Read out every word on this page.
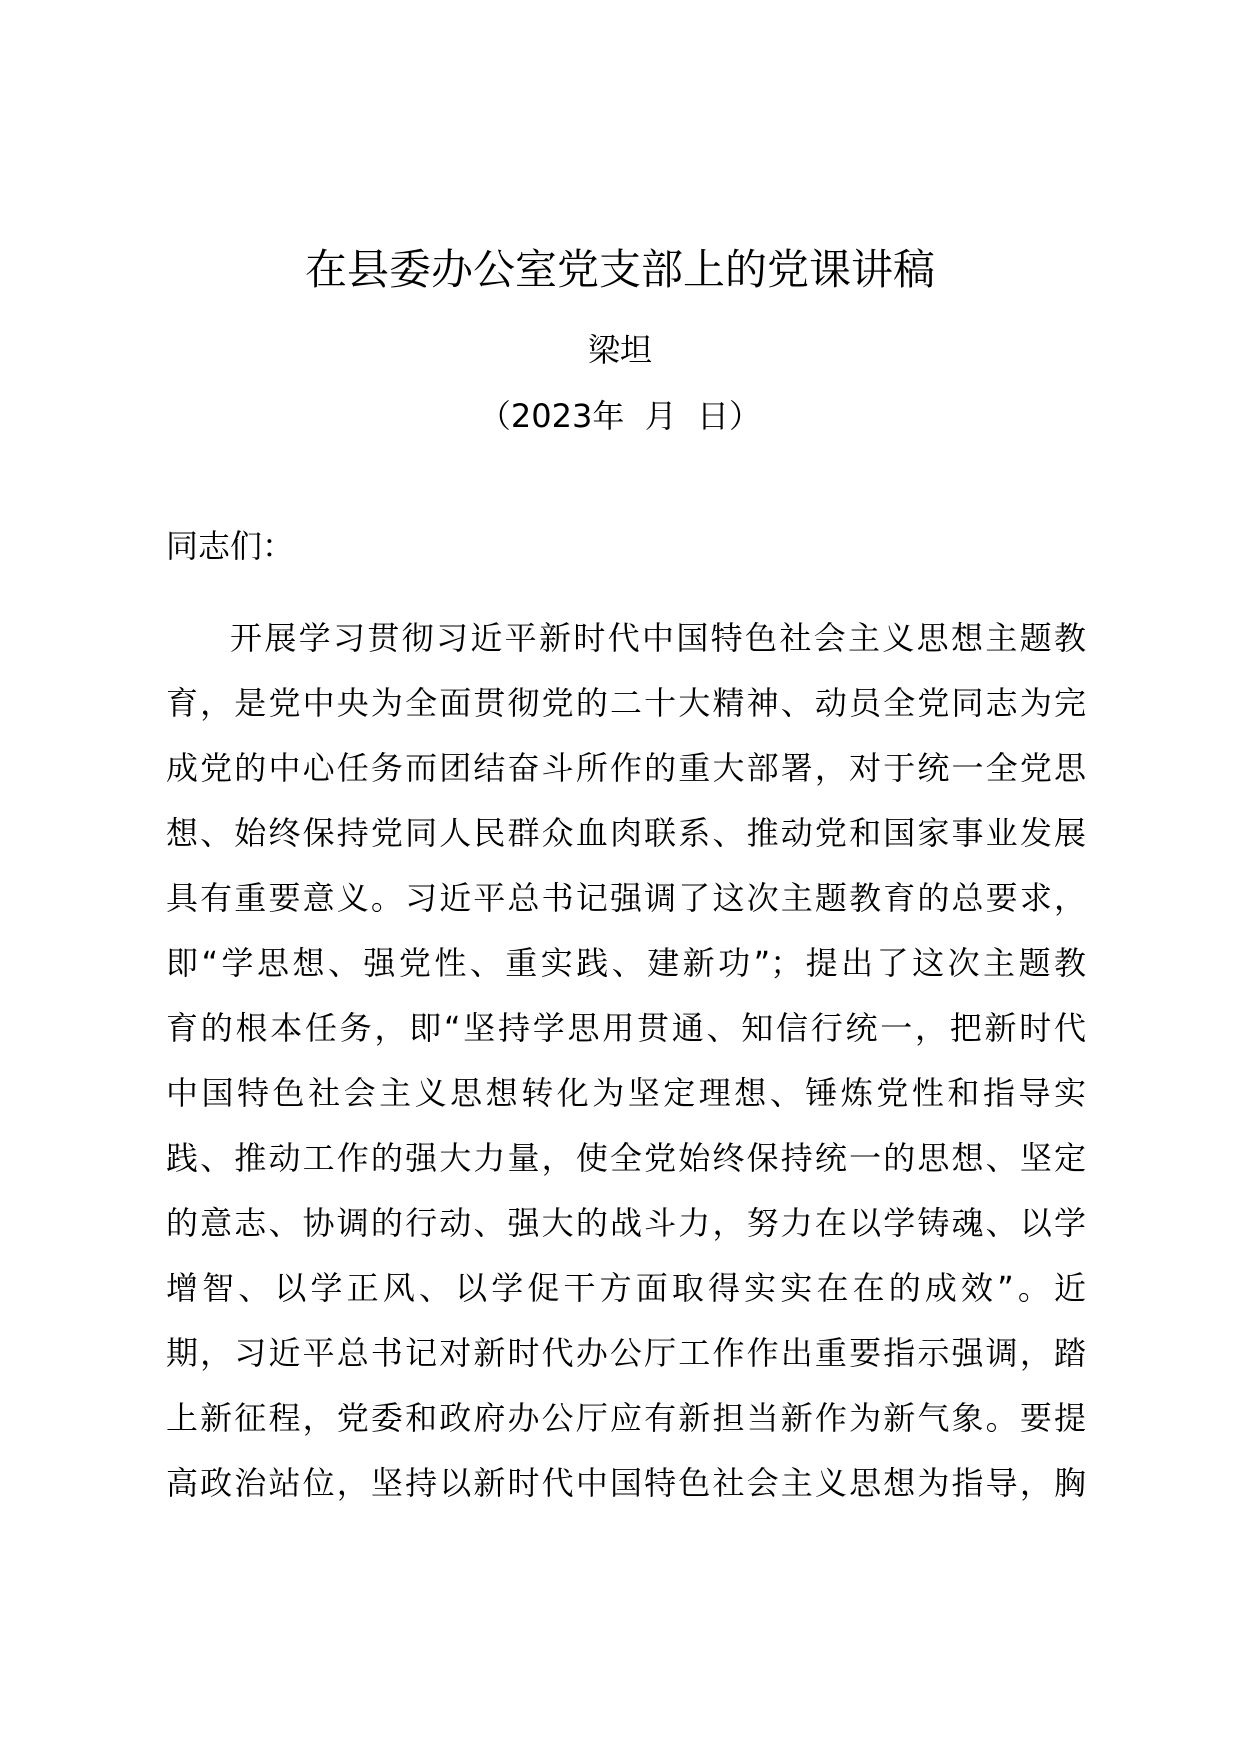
在县委办公室党支部上的党课讲稿
梁坦
（2023年  月  日）
同志们：
开展学习贯彻习近平新时代中国特色社会主义思想主题教
育，是党中央为全面贯彻党的二十大精神、动员全党同志为完
成党的中心任务而团结奋斗所作的重大部署，对于统一全党思
想、始终保持党同人民群众血肉联系、推动党和国家事业发展
具有重要意义。习近平总书记强调了这次主题教育的总要求，
即“学思想、强党性、重实践、建新功”；提出了这次主题教
育的根本任务，即“坚持学思用贯通、知信行统一，把新时代
中国特色社会主义思想转化为坚定理想、锤炼党性和指导实
践、推动工作的强大力量，使全党始终保持统一的思想、坚定
的意志、协调的行动、强大的战斗力，努力在以学铸魂、以学
增智、以学正风、以学促干方面取得实实在在的成效”。近
期，习近平总书记对新时代办公厅工作作出重要指示强调，踏
上新征程，党委和政府办公厅应有新担当新作为新气象。要提
高政治站位，坚持以新时代中国特色社会主义思想为指导，胸
